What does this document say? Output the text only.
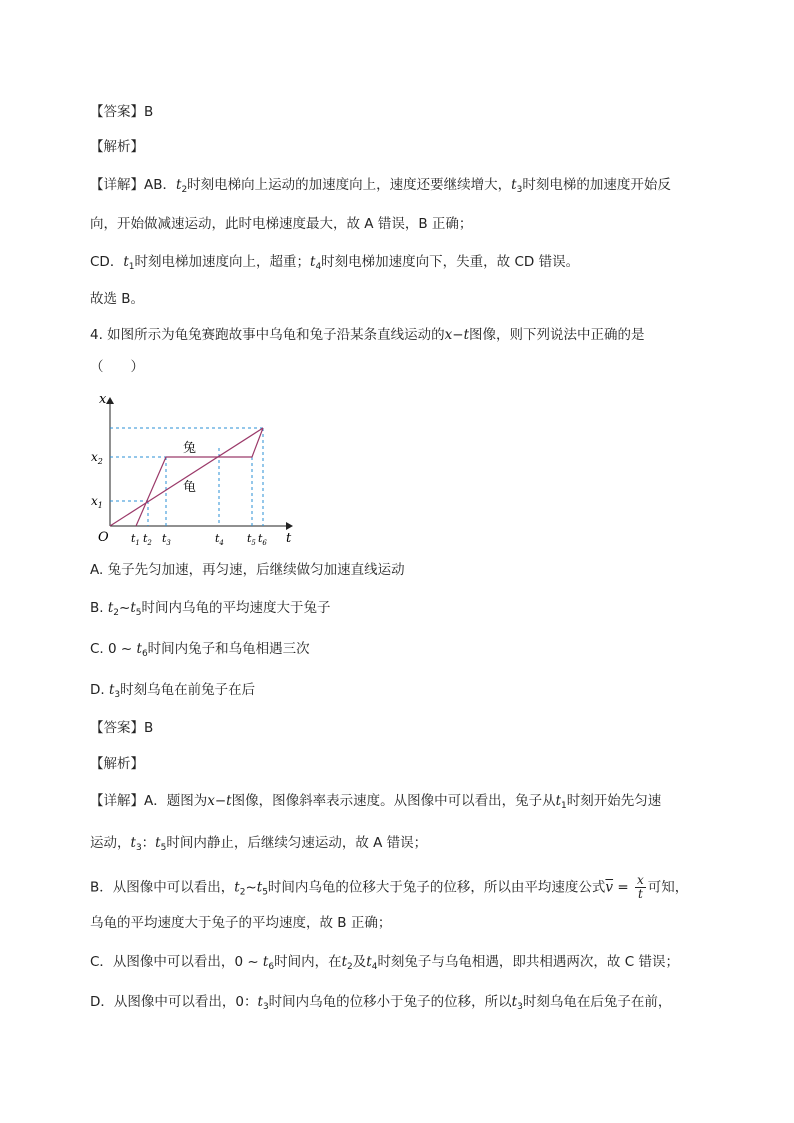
【答案】B
【解析】
【详解】AB．$t_2$时刻电梯向上运动的加速度向上，速度还要继续增大，$t_3$时刻电梯的加速度开始反
向，开始做减速运动，此时电梯速度最大，故 A 错误，B 正确；
CD．$t_1$时刻电梯加速度向上，超重；$t_4$时刻电梯加速度向下，失重，故 CD 错误。
故选 B。
4. 如图所示为龟兔赛跑故事中乌龟和兔子沿某条直线运动的x−t图像，则下列说法中正确的是
（　　）
x
t
O
$x_2$
$x_1$
$t_1$ $t_2$ $t_3$	$t_4$ $t_5$ $t_6$
兔
龟
A. 兔子先匀加速，再匀速，后继续做匀加速直线运动
B. $t_2\sim t_5$时间内乌龟的平均速度大于兔子
C. 0 ~ $t_6$时间内兔子和乌龟相遇三次
D. $t_3$时刻乌龟在前兔子在后
【答案】B
【解析】
【详解】A．题图为x−t图像，图像斜率表示速度。从图像中可以看出，兔子从$t_1$时刻开始先匀速
运动，$t_3$：$t_5$时间内静止，后继续匀速运动，故 A 错误；
B．从图像中可以看出，$t_2\sim t_5$时间内乌龟的位移大于兔子的位移，所以由平均速度公式$\overline{v} = \frac{x}{t}$ 可知，
乌龟的平均速度大于兔子的平均速度，故 B 正确；
C．从图像中可以看出，0 ~ $t_6$时间内，在$t_2$及$t_4$时刻兔子与乌龟相遇，即共相遇两次，故 C 错误；
D．从图像中可以看出，0：$t_3$时间内乌龟的位移小于兔子的位移，所以$t_3$时刻乌龟在后兔子在前，
